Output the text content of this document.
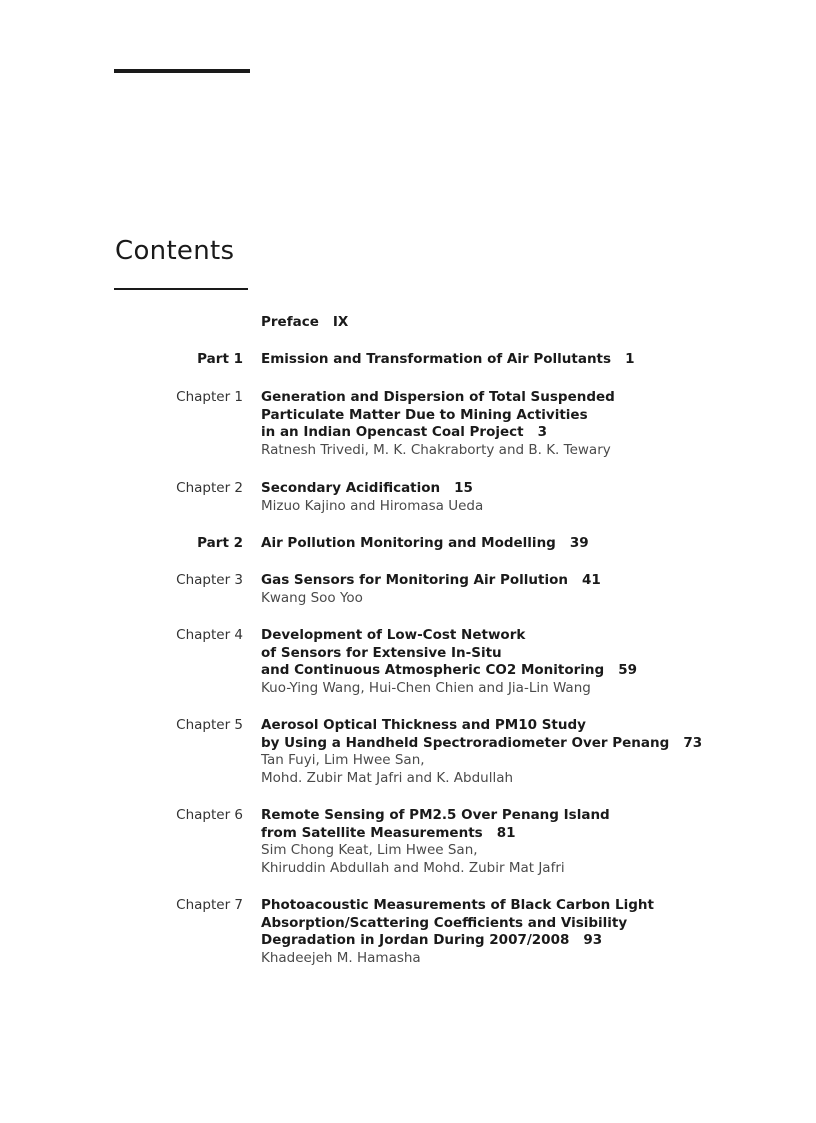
Contents
Preface IX
Part 1 Emission and Transformation of Air Pollutants 1
Chapter 1 Generation and Dispersion of Total Suspended
Particulate Matter Due to Mining Activities
in an Indian Opencast Coal Project 3
Ratnesh Trivedi, M. K. Chakraborty and B. K. Tewary
Chapter 2 Secondary Acidification 15
Mizuo Kajino and Hiromasa Ueda
Part 2 Air Pollution Monitoring and Modelling 39
Chapter 3 Gas Sensors for Monitoring Air Pollution 41
Kwang Soo Yoo
Chapter 4 Development of Low-Cost Network
of Sensors for Extensive In-Situ
and Continuous Atmospheric CO2 Monitoring 59
Kuo-Ying Wang, Hui-Chen Chien and Jia-Lin Wang
Chapter 5 Aerosol Optical Thickness and PM10 Study
by Using a Handheld Spectroradiometer Over Penang 73
Tan Fuyi, Lim Hwee San,
Mohd. Zubir Mat Jafri and K. Abdullah
Chapter 6 Remote Sensing of PM2.5 Over Penang Island
from Satellite Measurements 81
Sim Chong Keat, Lim Hwee San,
Khiruddin Abdullah and Mohd. Zubir Mat Jafri
Chapter 7 Photoacoustic Measurements of Black Carbon Light
Absorption/Scattering Coefficients and Visibility
Degradation in Jordan During 2007/2008 93
Khadeejeh M. Hamasha
